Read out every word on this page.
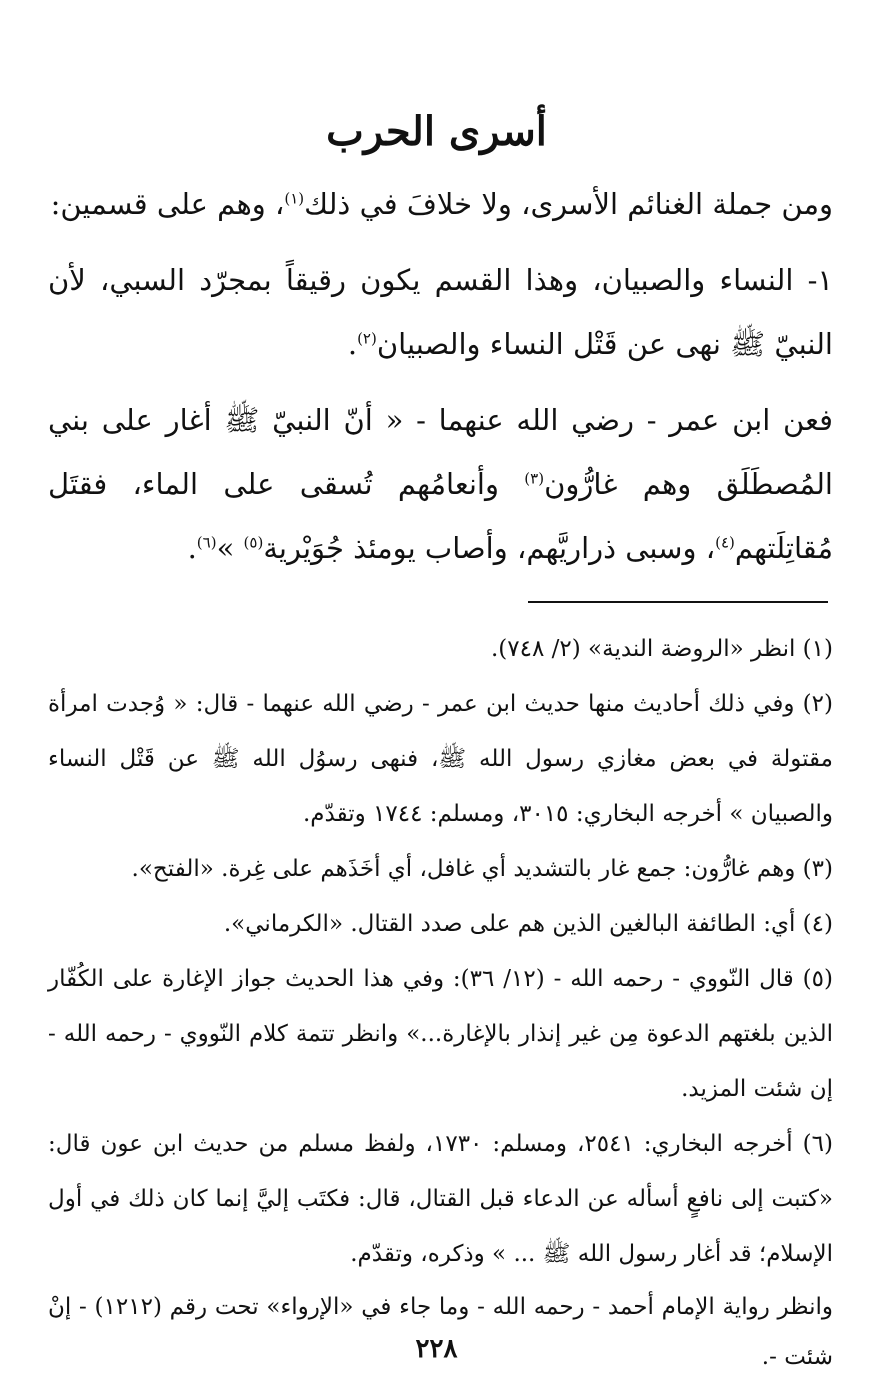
أسرى الحرب

ومن جملة الغنائم الأسرى، ولا خلافَ في ذلك$^{(١)}$، وهم على قسمين:

١- النساء والصبيان، وهذا القسم يكون رقيقاً بمجرّد السبي، لأن النبيّ ﷺ نهى عن قَتْل النساء والصبيان$^{(٢)}$.

فعن ابن عمر - رضي الله عنهما - « أنّ النبيّ ﷺ أغار على بني المُصطَلَق وهم غارُّون$^{(٣)}$ وأنعامُهم تُسقى على الماء، فقتَل مُقاتِلَتهم$^{(٤)}$، وسبى ذراريَّهم، وأصاب يومئذ جُوَيْرية$^{(٥)}$ »$^{(٦)}$.

(١) انظر «الروضة الندية» (٢/ ٧٤٨).

(٢) وفي ذلك أحاديث منها حديث ابن عمر - رضي الله عنهما - قال: « وُجدت امرأة مقتولة في بعض مغازي رسول الله ﷺ، فنهى رسوُل الله ﷺ عن قَتْل النساء والصبيان » أخرجه البخاري: ٣٠١٥، ومسلم: ١٧٤٤ وتقدّم.

(٣) وهم غارُّون: جمع غار بالتشديد أي غافل، أي أخَذَهم على غِرة. «الفتح».

(٤) أي: الطائفة البالغين الذين هم على صدد القتال. «الكرماني».

(٥) قال النّووي - رحمه الله - (١٢/ ٣٦): وفي هذا الحديث جواز الإغارة على الكُفّار الذين بلغتهم الدعوة مِن غير إنذار بالإغارة...» وانظر تتمة كلام النّووي - رحمه الله - إن شئت المزيد.

(٦) أخرجه البخاري: ٢٥٤١، ومسلم: ١٧٣٠، ولفظ مسلم من حديث ابن عون قال: «كتبت إلى نافعٍ أسأله عن الدعاء قبل القتال، قال: فكتَب إليَّ إنما كان ذلك في أول الإسلام؛ قد أغار رسول الله ﷺ ... » وذكره، وتقدّم.

وانظر رواية الإمام أحمد - رحمه الله - وما جاء في «الإرواء» تحت رقم (١٢١٢) - إنْ شئت -.

٢٢٨
